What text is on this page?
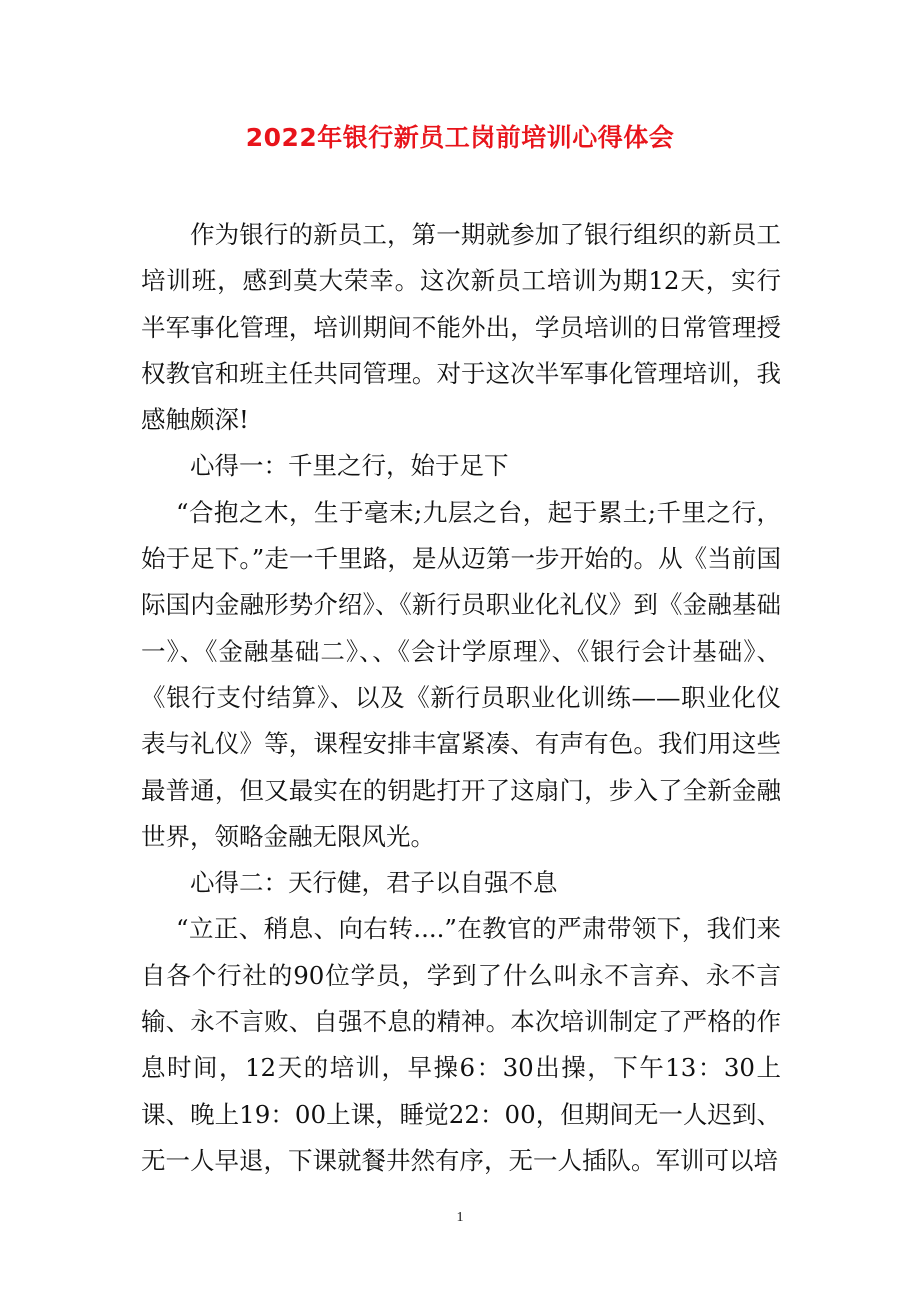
2022年银行新员工岗前培训心得体会

作为银行的新员工，第一期就参加了银行组织的新员工培训班，感到莫大荣幸。这次新员工培训为期12天，实行半军事化管理，培训期间不能外出，学员培训的日常管理授权教官和班主任共同管理。对于这次半军事化管理培训，我感触颇深!

心得一：千里之行，始于足下

“合抱之木，生于毫末;九层之台，起于累土;千里之行，始于足下。”走一千里路，是从迈第一步开始的。从《当前国际国内金融形势介绍》、《新行员职业化礼仪》到《金融基础一》、《金融基础二》、、《会计学原理》、《银行会计基础》、《银行支付结算》、以及《新行员职业化训练——职业化仪表与礼仪》等，课程安排丰富紧凑、有声有色。我们用这些最普通，但又最实在的钥匙打开了这扇门，步入了全新金融世界，领略金融无限风光。

心得二：天行健，君子以自强不息

“立正、稍息、向右转....”在教官的严肃带领下，我们来自各个行社的90位学员，学到了什么叫永不言弃、永不言输、永不言败、自强不息的精神。本次培训制定了严格的作息时间，12天的培训，早操6：30出操，下午13：30上课、晚上19：00上课，睡觉22：00，但期间无一人迟到、无一人早退，下课就餐井然有序，无一人插队。军训可以培

1
